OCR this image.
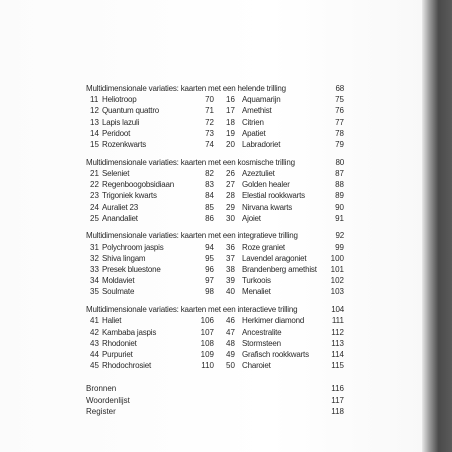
Multidimensionale variaties: kaarten met een helende trilling	68
11 Heliotroop	70 16 Aquamarijn	75
12 Quantum quattro	71 17 Amethist	76
13 Lapis lazuli	72 18 Citrien	77
14 Peridoot	73 19 Apatiet	78
15 Rozenkwarts	74 20 Labradoriet	79
Multidimensionale variaties: kaarten met een kosmische trilling	80
21 Seleniet	82 26 Azeztuliet	87
22 Regenboogobsidiaan	83 27 Golden healer	88
23 Trigoniek kwarts	84 28 Elestial rookkwarts	89
24 Auraliet 23	85 29 Nirvana kwarts	90
25 Anandaliet	86 30 Ajoiet	91
Multidimensionale variaties: kaarten met een integratieve trilling	92
31 Polychroom jaspis	94 36 Roze graniet	99
32 Shiva lingam	95 37 Lavendel aragoniet	100
33 Presek bluestone	96 38 Brandenberg amethist	101
34 Moldaviet	97 39 Turkoois	102
35 Soulmate	98 40 Menaliet	103
Multidimensionale variaties: kaarten met een interactieve trilling	104
41 Haliet	106 46 Herkimer diamond	111
42 Kambaba jaspis	107 47 Ancestralite	112
43 Rhodoniet	108 48 Stormsteen	113
44 Purpuriet	109 49 Grafisch rookkwarts	114
45 Rhodochrosiet	110 50 Charoiet	115
Bronnen	116
Woordenlijst	117
Register	118
